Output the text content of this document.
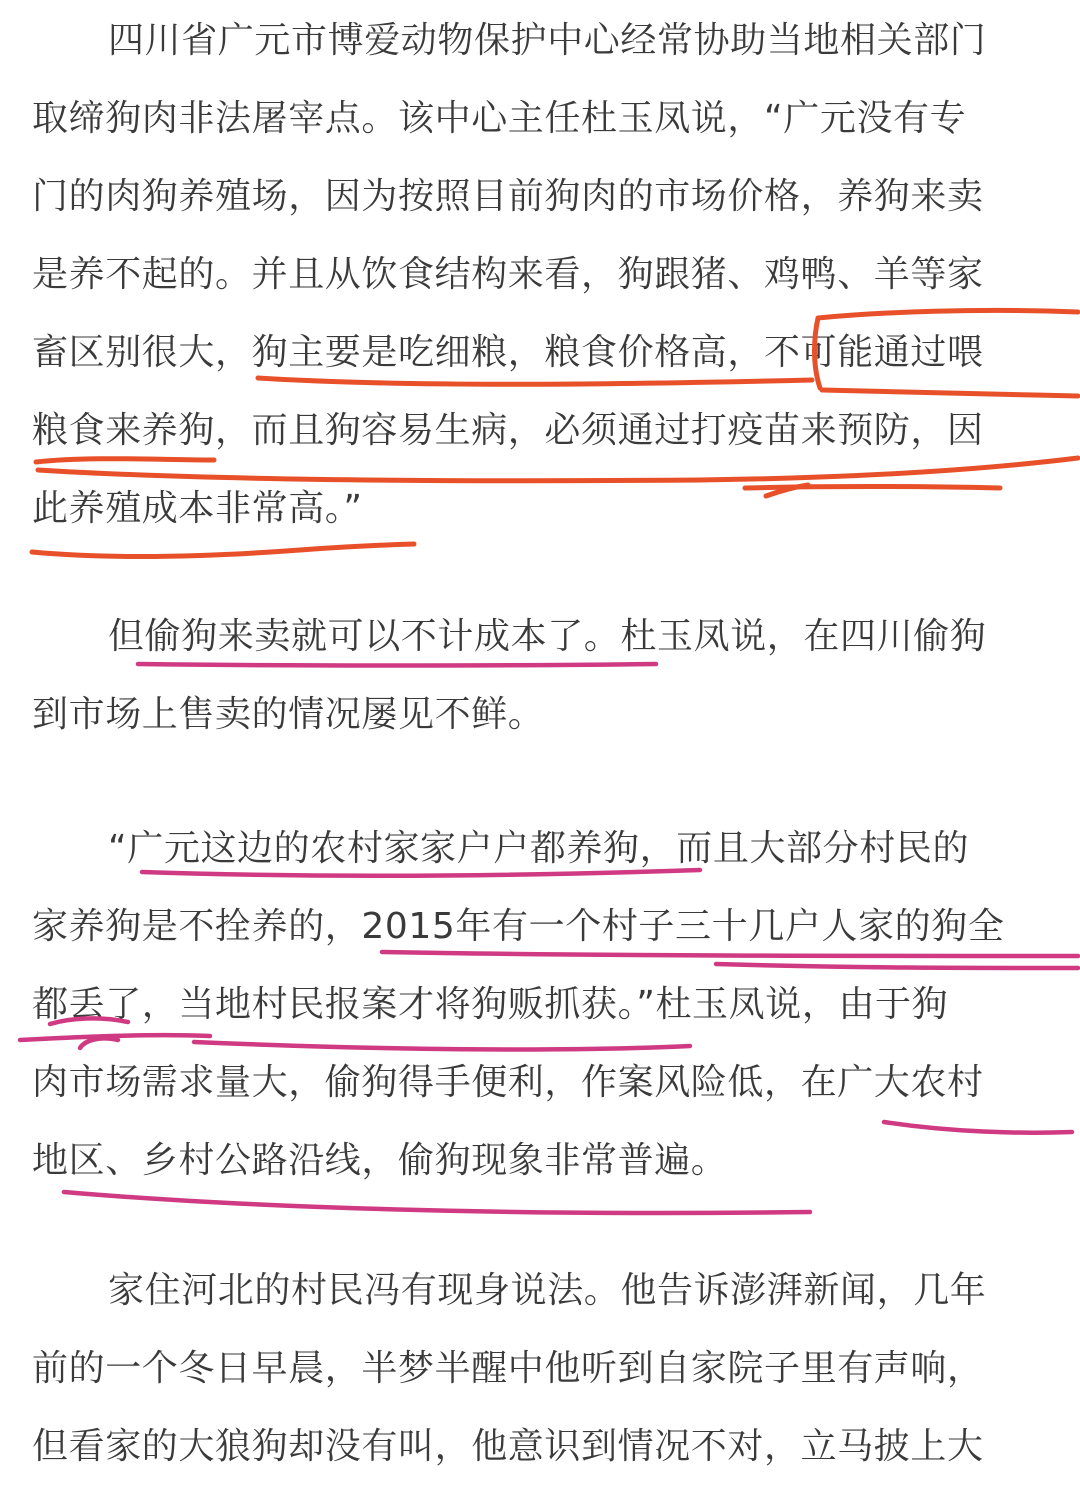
四川省广元市博爱动物保护中心经常协助当地相关部门
取缔狗肉非法屠宰点。该中心主任杜玉凤说，“广元没有专
门的肉狗养殖场，因为按照目前狗肉的市场价格，养狗来卖
是养不起的。并且从饮食结构来看，狗跟猪、鸡鸭、羊等家
畜区别很大，狗主要是吃细粮，粮食价格高，不可能通过喂
粮食来养狗，而且狗容易生病，必须通过打疫苗来预防，因
此养殖成本非常高。”
但偷狗来卖就可以不计成本了。杜玉凤说，在四川偷狗
到市场上售卖的情况屡见不鲜。
“广元这边的农村家家户户都养狗，而且大部分村民的
家养狗是不拴养的，2015年有一个村子三十几户人家的狗全
都丢了，当地村民报案才将狗贩抓获。”杜玉凤说，由于狗
肉市场需求量大，偷狗得手便利，作案风险低，在广大农村
地区、乡村公路沿线，偷狗现象非常普遍。
家住河北的村民冯有现身说法。他告诉澎湃新闻，几年
前的一个冬日早晨，半梦半醒中他听到自家院子里有声响，
但看家的大狼狗却没有叫，他意识到情况不对，立马披上大
